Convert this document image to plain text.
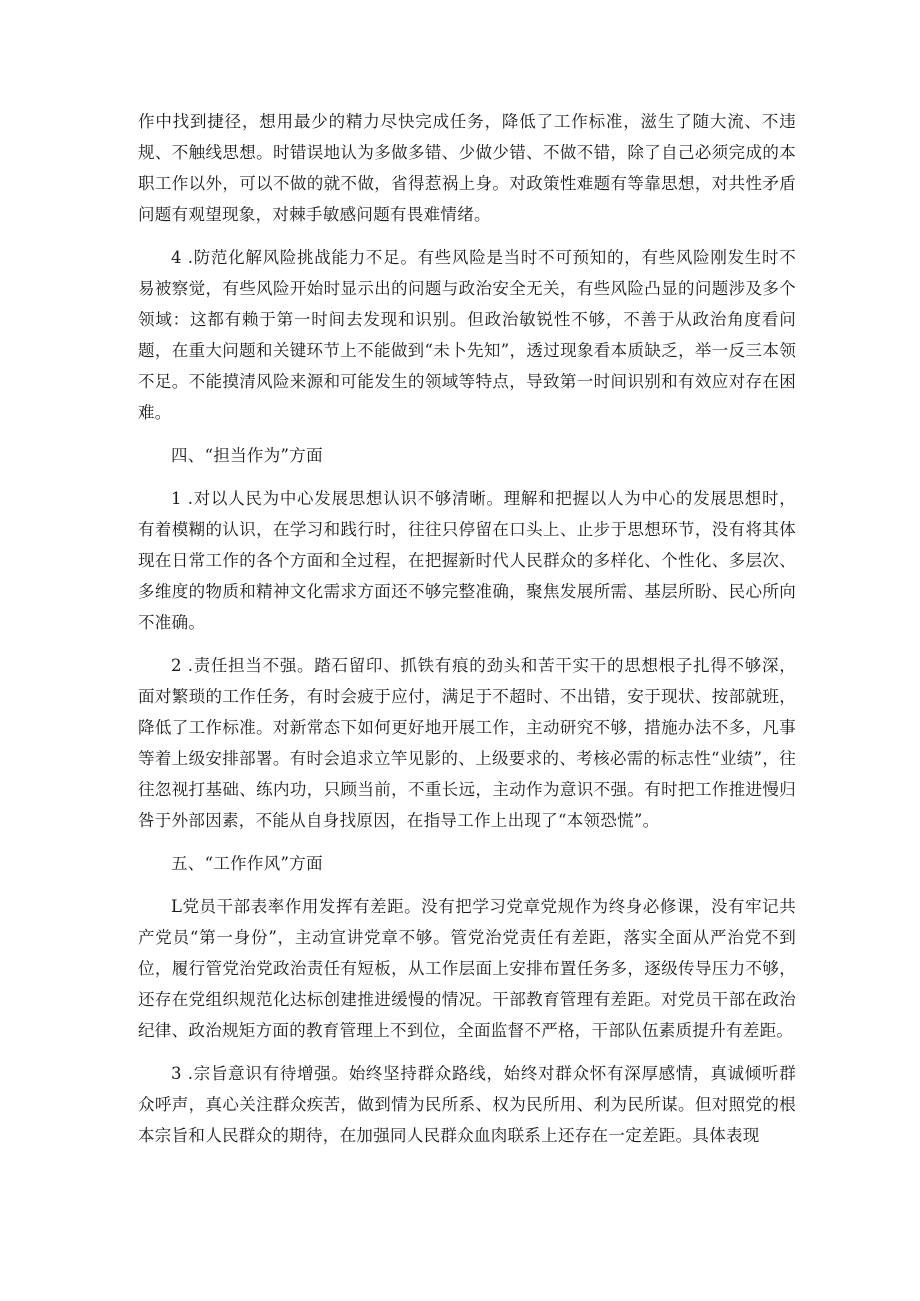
作中找到捷径，想用最少的精力尽快完成任务，降低了工作标准，滋生了随大流、不违规、不触线思想。时错误地认为多做多错、少做少错、不做不错，除了自己必须完成的本职工作以外，可以不做的就不做，省得惹祸上身。对政策性难题有等靠思想，对共性矛盾问题有观望现象，对棘手敏感问题有畏难情绪。

4 .防范化解风险挑战能力不足。有些风险是当时不可预知的，有些风险刚发生时不易被察觉，有些风险开始时显示出的问题与政治安全无关，有些风险凸显的问题涉及多个领域：这都有赖于第一时间去发现和识别。但政治敏锐性不够，不善于从政治角度看问题，在重大问题和关键环节上不能做到“未卜先知”，透过现象看本质缺乏，举一反三本领不足。不能摸清风险来源和可能发生的领域等特点，导致第一时间识别和有效应对存在困难。

四、“担当作为”方面

1 .对以人民为中心发展思想认识不够清晰。理解和把握以人为中心的发展思想时，有着模糊的认识，在学习和践行时，往往只停留在口头上、止步于思想环节，没有将其体现在日常工作的各个方面和全过程，在把握新时代人民群众的多样化、个性化、多层次、多维度的物质和精神文化需求方面还不够完整准确，聚焦发展所需、基层所盼、民心所向不准确。

2 .责任担当不强。踏石留印、抓铁有痕的劲头和苦干实干的思想根子扎得不够深，面对繁琐的工作任务，有时会疲于应付，满足于不超时、不出错，安于现状、按部就班，降低了工作标准。对新常态下如何更好地开展工作，主动研究不够，措施办法不多，凡事等着上级安排部署。有时会追求立竿见影的、上级要求的、考核必需的标志性“业绩”，往往忽视打基础、练内功，只顾当前，不重长远，主动作为意识不强。有时把工作推进慢归咎于外部因素，不能从自身找原因，在指导工作上出现了“本领恐慌”。

五、“工作作风”方面

L党员干部表率作用发挥有差距。没有把学习党章党规作为终身必修课，没有牢记共产党员“第一身份”，主动宣讲党章不够。管党治党责任有差距，落实全面从严治党不到位，履行管党治党政治责任有短板，从工作层面上安排布置任务多，逐级传导压力不够，还存在党组织规范化达标创建推进缓慢的情况。干部教育管理有差距。对党员干部在政治纪律、政治规矩方面的教育管理上不到位，全面监督不严格，干部队伍素质提升有差距。

3 .宗旨意识有待增强。始终坚持群众路线，始终对群众怀有深厚感情，真诚倾听群众呼声，真心关注群众疾苦，做到情为民所系、权为民所用、利为民所谋。但对照党的根本宗旨和人民群众的期待，在加强同人民群众血肉联系上还存在一定差距。具体表现
